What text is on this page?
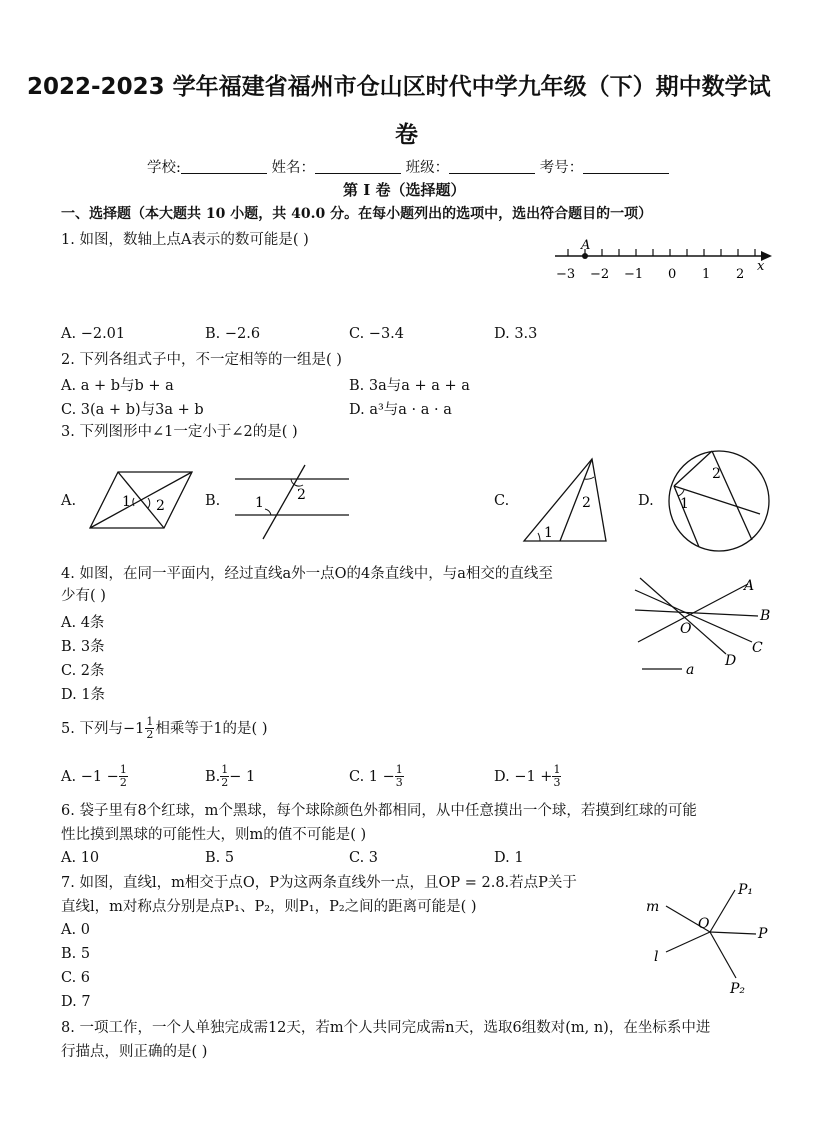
2022-2023 学年福建省福州市仓山区时代中学九年级（下）期中数学试
卷
学校:	姓名：	班级：	考号：
第 I 卷（选择题）
一、选择题（本大题共 10 小题，共 40.0 分。在每小题列出的选项中，选出符合题目的一项）
1. 如图，数轴上点A表示的数可能是( )	A
x
−3 −2 −1 0 1 2
A. −2.01	B. −2.6	C. −3.4	D. 3.3
2. 下列各组式子中，不一定相等的一组是( )
A. a + b与b + a	B. 3a与a + a + a
C. 3(a + b)与3a + b	D. a³与a · a · a
3. 下列图形中∠1一定小于∠2的是( )
A.	1 2	B. 1 2	C.
1
2	D. 1
2
4. 如图，在同一平面内，经过直线a外一点O的4条直线中，与a相交的直线至
少有( )
A. 4条
B. 3条
C. 2条
D. 1条
A
B
C
D
O
a
5. 下列与$-1 \frac{1}{2}$ 相乘等于1的是( )
A. $-1 - \frac{1}{2}$	B. $\frac{1}{2} - 1$	C. $1 - \frac{1}{3}$	D. $-1 + \frac{1}{3}$
6. 袋子里有8个红球，m个黑球，每个球除颜色外都相同，从中任意摸出一个球，若摸到红球的可能
性比摸到黑球的可能性大，则m的值不可能是( )
A. 10	B. 5	C. 3	D. 1
7. 如图，直线l，m相交于点O，P为这两条直线外一点，且OP = 2.8.若点P关于
直线l，m对称点分别是点P₁、P₂，则P₁，P₂之间的距离可能是( )
A. 0
B. 5
C. 6
D. 7
m
O
P₁
P
l
P₂
8. 一项工作，一个人单独完成需12天，若m个人共同完成需n天，选取6组数对(m, n)，在坐标系中进
行描点，则正确的是( )
